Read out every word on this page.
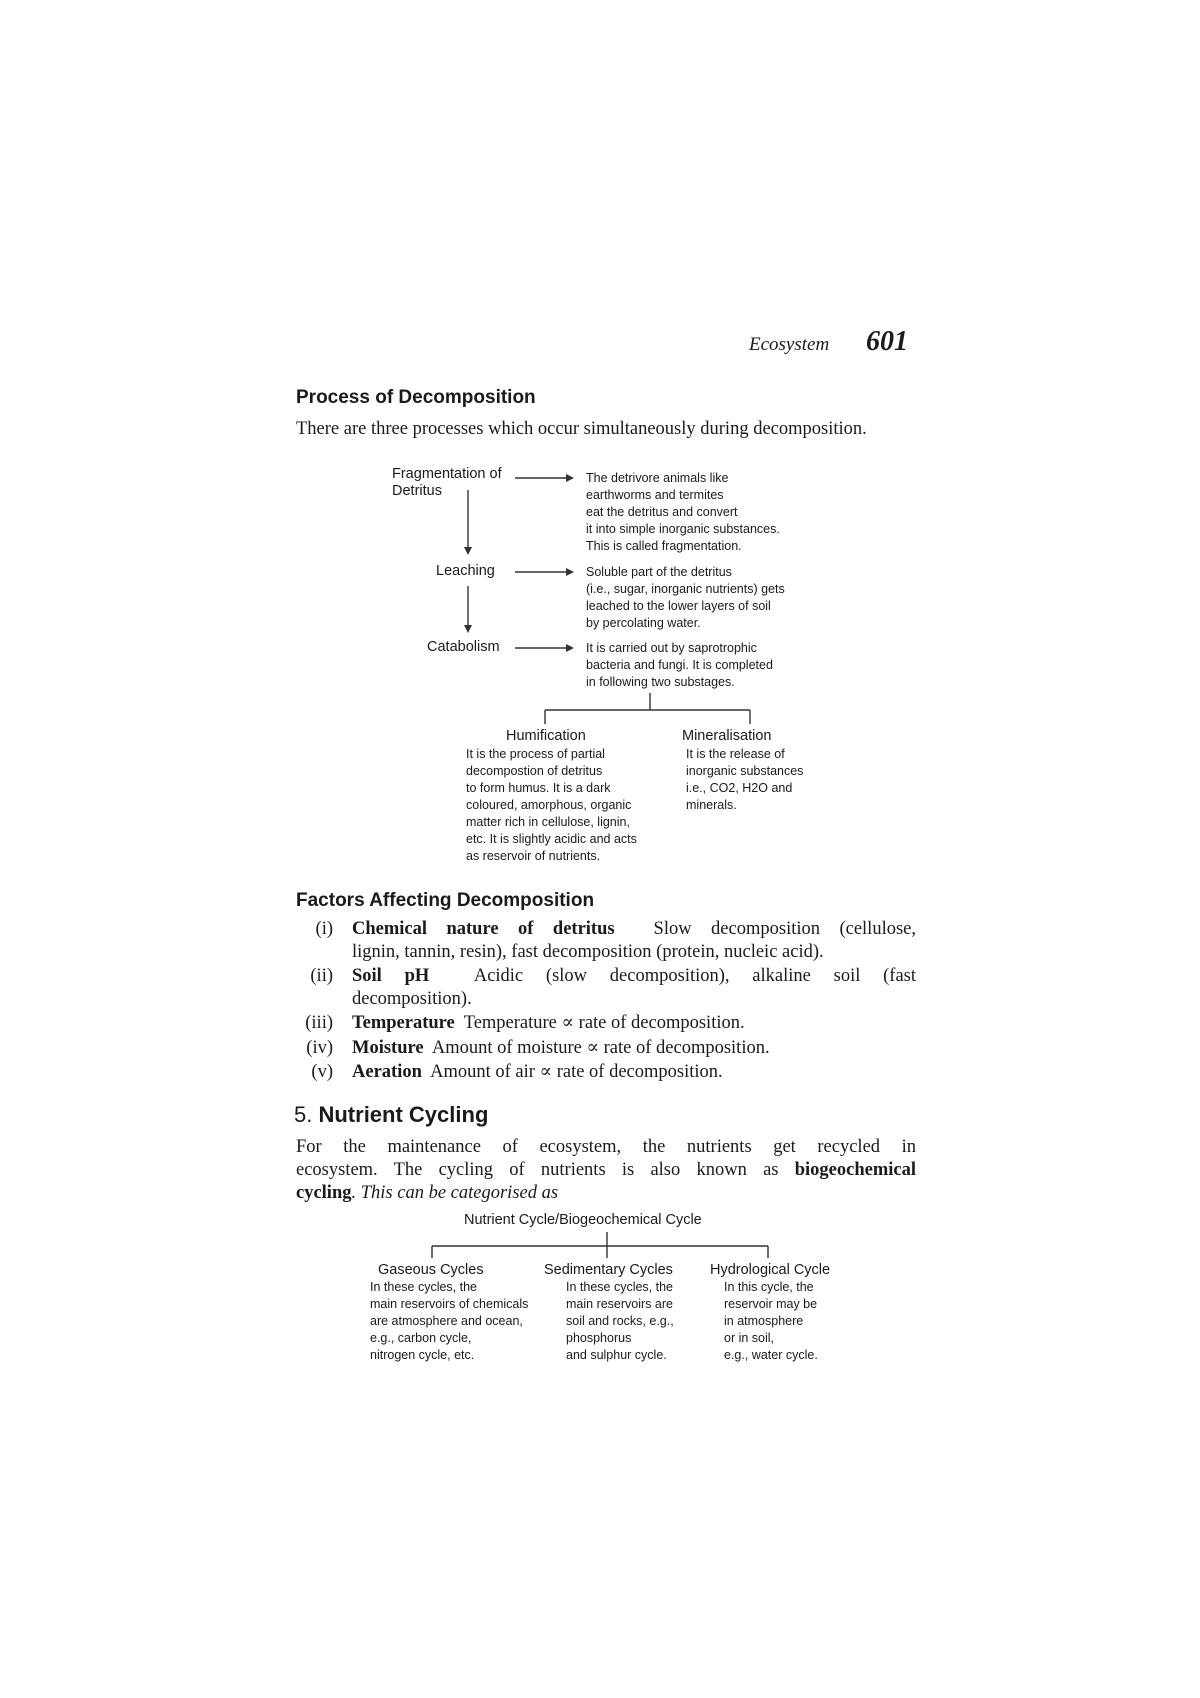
Ecosystem 601
Process of Decomposition
There are three processes which occur simultaneously during decomposition.
Fragmentation of
Detritus
Leaching
Catabolism
The detrivore animals like
earthworms and termites
eat the detritus and convert
it into simple inorganic substances.
This is called fragmentation.
Soluble part of the detritus
(i.e., sugar, inorganic nutrients) gets
leached to the lower layers of soil
by percolating water.
It is carried out by saprotrophic
bacteria and fungi. It is completed
in following two substages.
Humification
It is the process of partial
decompostion of detritus
to form humus. It is a dark
coloured, amorphous, organic
matter rich in cellulose, lignin,
etc. It is slightly acidic and acts
as reservoir of nutrients.
Mineralisation
It is the release of
inorganic substances
i.e., CO2, H2O and
minerals.
Factors Affecting Decomposition
(i) Chemical nature of detritus Slow decomposition (cellulose,
lignin, tannin, resin), fast decomposition (protein, nucleic acid).
(ii) Soil pH Acidic (slow decomposition), alkaline soil (fast
decomposition).
(iii) Temperature Temperature ∝ rate of decomposition.
(iv) Moisture Amount of moisture ∝ rate of decomposition.
(v) Aeration Amount of air ∝ rate of decomposition.
5. Nutrient Cycling
For the maintenance of ecosystem, the nutrients get recycled in
ecosystem. The cycling of nutrients is also known as biogeochemical
cycling. This can be categorised as
Nutrient Cycle/Biogeochemical Cycle
Gaseous Cycles
In these cycles, the
main reservoirs of chemicals
are atmosphere and ocean,
e.g., carbon cycle,
nitrogen cycle, etc.
Sedimentary Cycles
In these cycles, the
main reservoirs are
soil and rocks, e.g.,
phosphorus
and sulphur cycle.
Hydrological Cycle
In this cycle, the
reservoir may be
in atmosphere
or in soil,
e.g., water cycle.
